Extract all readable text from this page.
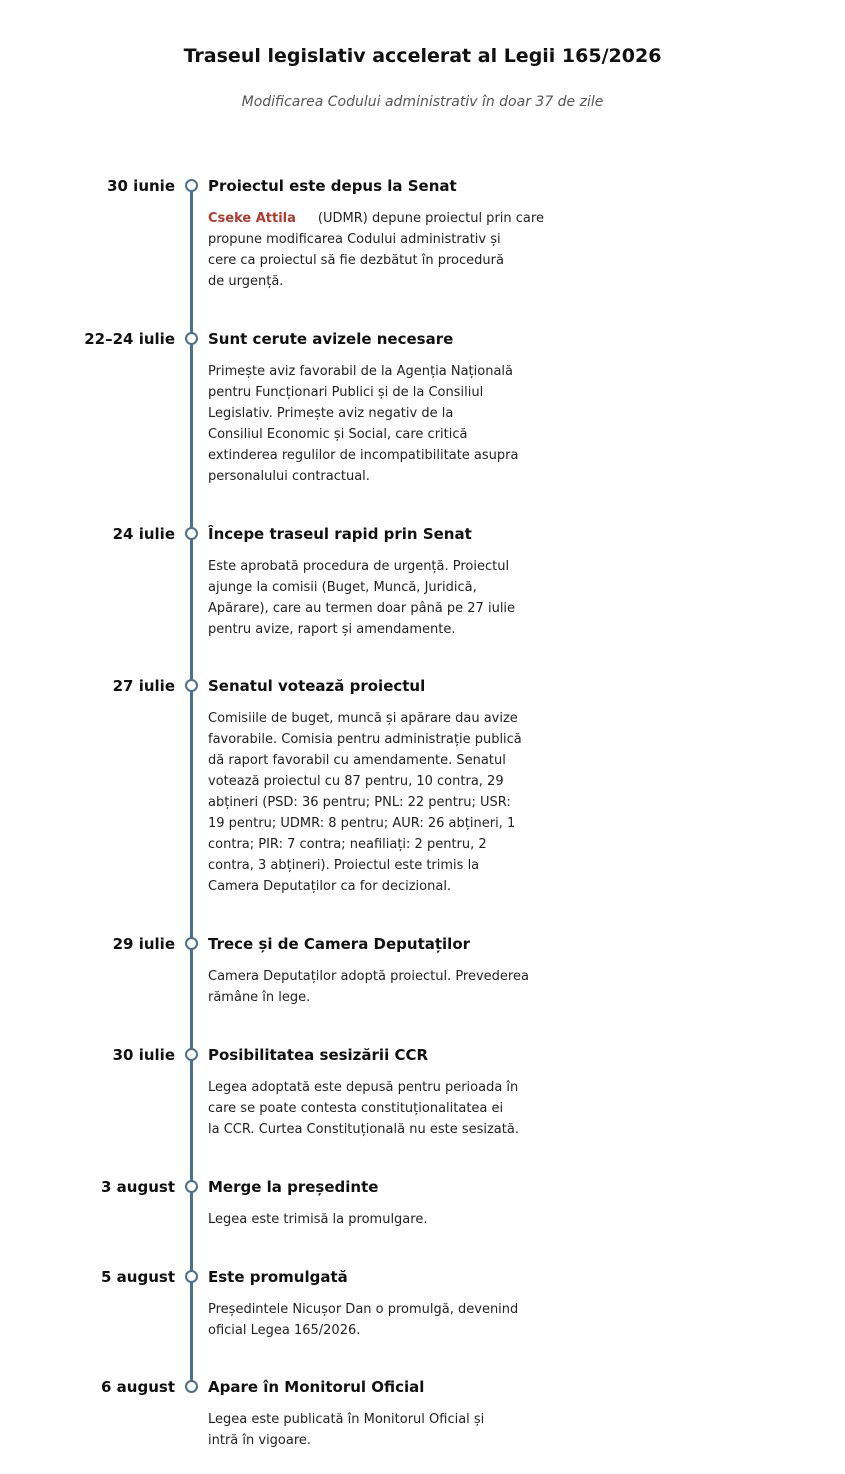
Traseul legislativ accelerat al Legii 165/2026
Modificarea Codului administrativ în doar 37 de zile
30 iunie Proiectul este depus la Senat
Cseke Attila (UDMR) depune proiectul prin care
propune modificarea Codului administrativ și
cere ca proiectul să fie dezbătut în procedură
de urgență.
22–24 iulie Sunt cerute avizele necesare
Primește aviz favorabil de la Agenția Națională
pentru Funcționari Publici și de la Consiliul
Legislativ. Primește aviz negativ de la
Consiliul Economic și Social, care critică
extinderea regulilor de incompatibilitate asupra
personalului contractual.
24 iulie Începe traseul rapid prin Senat
Este aprobată procedura de urgență. Proiectul
ajunge la comisii (Buget, Muncă, Juridică,
Apărare), care au termen doar până pe 27 iulie
pentru avize, raport și amendamente.
27 iulie Senatul votează proiectul
Comisiile de buget, muncă și apărare dau avize
favorabile. Comisia pentru administrație publică
dă raport favorabil cu amendamente. Senatul
votează proiectul cu 87 pentru, 10 contra, 29
abțineri (PSD: 36 pentru; PNL: 22 pentru; USR:
19 pentru; UDMR: 8 pentru; AUR: 26 abțineri, 1
contra; PIR: 7 contra; neafiliați: 2 pentru, 2
contra, 3 abțineri). Proiectul este trimis la
Camera Deputaților ca for decizional.
29 iulie Trece și de Camera Deputaților
Camera Deputaților adoptă proiectul. Prevederea
rămâne în lege.
30 iulie Posibilitatea sesizării CCR
Legea adoptată este depusă pentru perioada în
care se poate contesta constituționalitatea ei
la CCR. Curtea Constituțională nu este sesizată.
3 august Merge la președinte
Legea este trimisă la promulgare.
5 august Este promulgată
Președintele Nicușor Dan o promulgă, devenind
oficial Legea 165/2026.
6 august Apare în Monitorul Oficial
Legea este publicată în Monitorul Oficial și
intră în vigoare.
